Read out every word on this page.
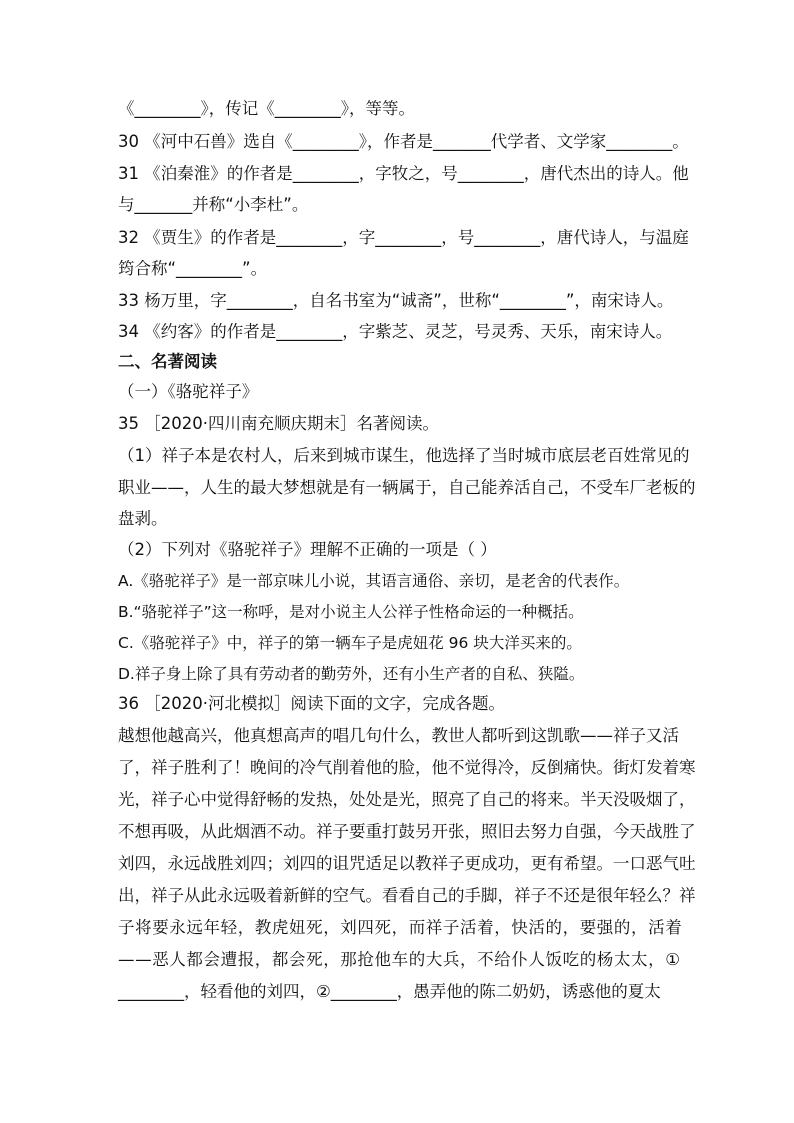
《________》，传记《________》，等等。
30 《河中石兽》选自《________》，作者是_______代学者、文学家________。
31 《泊秦淮》的作者是________，字牧之，号________，唐代杰出的诗人。他
与_______并称“小李杜”。
32 《贾生》的作者是________，字________，号________，唐代诗人，与温庭
筠合称“________”。
33 杨万里，字________，自名书室为“诚斋”，世称“________”，南宋诗人。
34 《约客》的作者是________，字紫芝、灵芝，号灵秀、天乐，南宋诗人。
二、名著阅读
（一）《骆驼祥子》
35 ［2020·四川南充顺庆期末］名著阅读。
（1）祥子本是农村人，后来到城市谋生，他选择了当时城市底层老百姓常见的
职业——，人生的最大梦想就是有一辆属于，自己能养活自己，不受车厂老板的
盘剥。
（2）下列对《骆驼祥子》理解不正确的一项是（ ）
A.《骆驼祥子》是一部京味儿小说，其语言通俗、亲切，是老舍的代表作。
B.“骆驼祥子”这一称呼，是对小说主人公祥子性格命运的一种概括。
C.《骆驼祥子》中，祥子的第一辆车子是虎妞花 96 块大洋买来的。
D.祥子身上除了具有劳动者的勤劳外，还有小生产者的自私、狭隘。
36 ［2020·河北模拟］阅读下面的文字，完成各题。
越想他越高兴，他真想高声的唱几句什么，教世人都听到这凯歌——祥子又活
了，祥子胜利了！晚间的冷气削着他的脸，他不觉得冷，反倒痛快。街灯发着寒
光，祥子心中觉得舒畅的发热，处处是光，照亮了自己的将来。半天没吸烟了，
不想再吸，从此烟酒不动。祥子要重打鼓另开张，照旧去努力自强，今天战胜了
刘四，永远战胜刘四；刘四的诅咒适足以教祥子更成功，更有希望。一口恶气吐
出，祥子从此永远吸着新鲜的空气。看看自己的手脚，祥子不还是很年轻么？祥
子将要永远年轻，教虎妞死，刘四死，而祥子活着，快活的，要强的，活着
——恶人都会遭报，都会死，那抢他车的大兵，不给仆人饭吃的杨太太，①
________，轻看他的刘四，②________，愚弄他的陈二奶奶，诱惑他的夏太
